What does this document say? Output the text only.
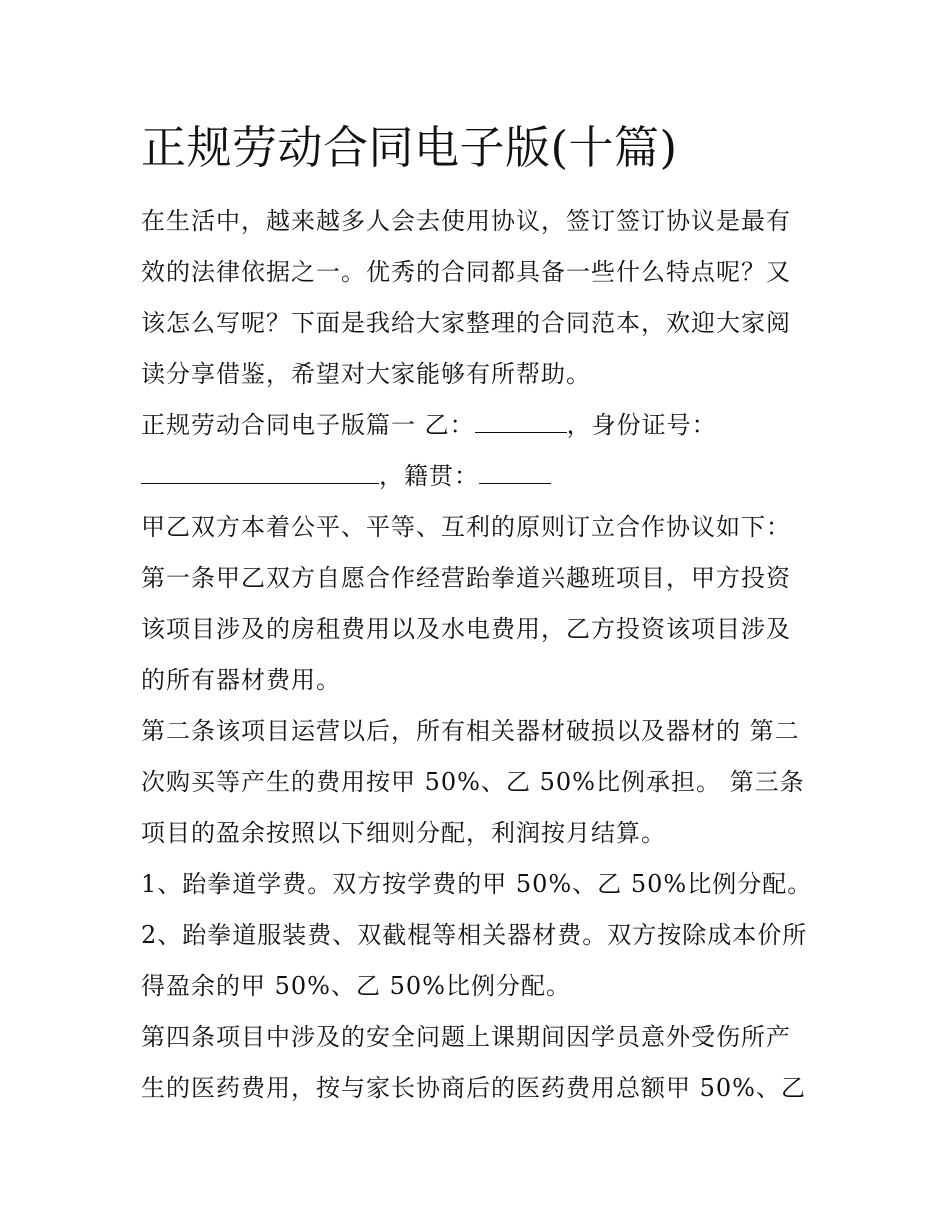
正规劳动合同电子版(十篇)

在生活中，越来越多人会去使用协议，签订签订协议是最有效的法律依据之一。优秀的合同都具备一些什么特点呢？又该怎么写呢？下面是我给大家整理的合同范本，欢迎大家阅读分享借鉴，希望对大家能够有所帮助。

正规劳动合同电子版篇一 乙：	，身份证号：，籍贯：

甲乙双方本着公平、平等、互利的原则订立合作协议如下：

第一条甲乙双方自愿合作经营跆拳道兴趣班项目，甲方投资该项目涉及的房租费用以及水电费用，乙方投资该项目涉及的所有器材费用。

第二条该项目运营以后，所有相关器材破损以及器材的 第二次购买等产生的费用按甲 50%、乙 50%比例承担。 第三条项目的盈余按照以下细则分配，利润按月结算。

1、跆拳道学费。双方按学费的甲 50%、乙 50%比例分配。

2、跆拳道服装费、双截棍等相关器材费。双方按除成本价所得盈余的甲 50%、乙 50%比例分配。

第四条项目中涉及的安全问题上课期间因学员意外受伤所产生的医药费用，按与家长协商后的医药费用总额甲 50%、乙
